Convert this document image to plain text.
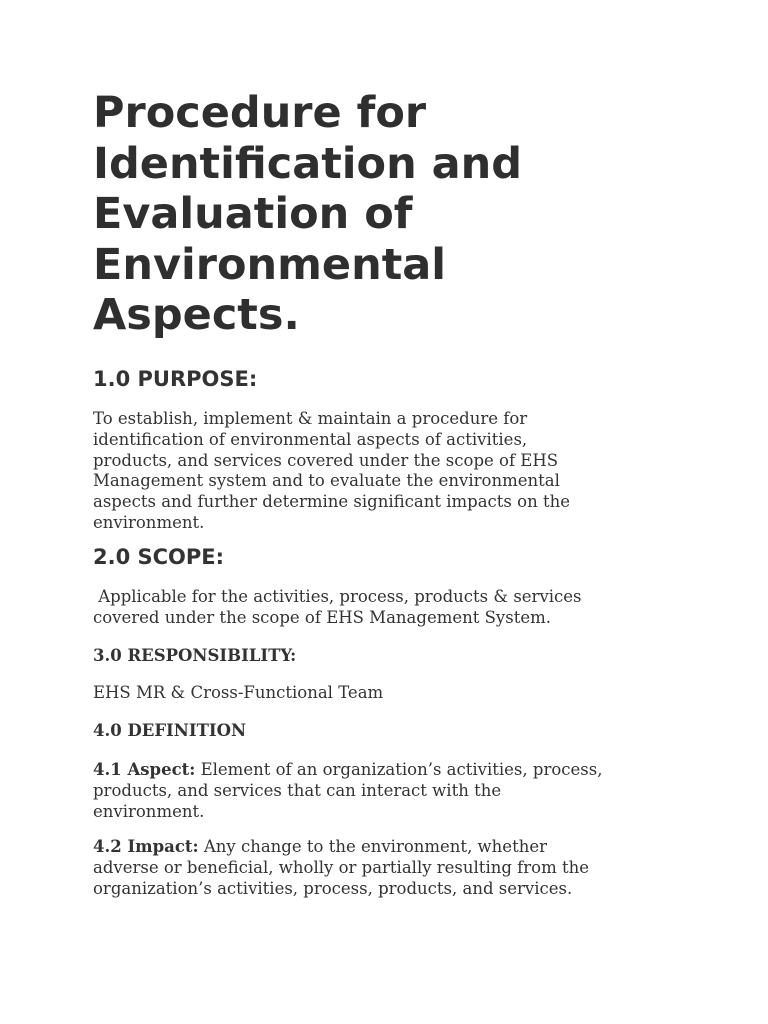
Procedure for
Identification and
Evaluation of
Environmental
Aspects.
1.0 PURPOSE:
To establish, implement & maintain a procedure for
identification of environmental aspects of activities,
products, and services covered under the scope of EHS
Management system and to evaluate the environmental
aspects and further determine significant impacts on the
environment.
2.0 SCOPE:
Applicable for the activities, process, products & services
covered under the scope of EHS Management System.
3.0 RESPONSIBILITY:
EHS MR & Cross-Functional Team
4.0 DEFINITION
4.1 Aspect: Element of an organization’s activities, process,
products, and services that can interact with the
environment.
4.2 Impact: Any change to the environment, whether
adverse or beneficial, wholly or partially resulting from the
organization’s activities, process, products, and services.
